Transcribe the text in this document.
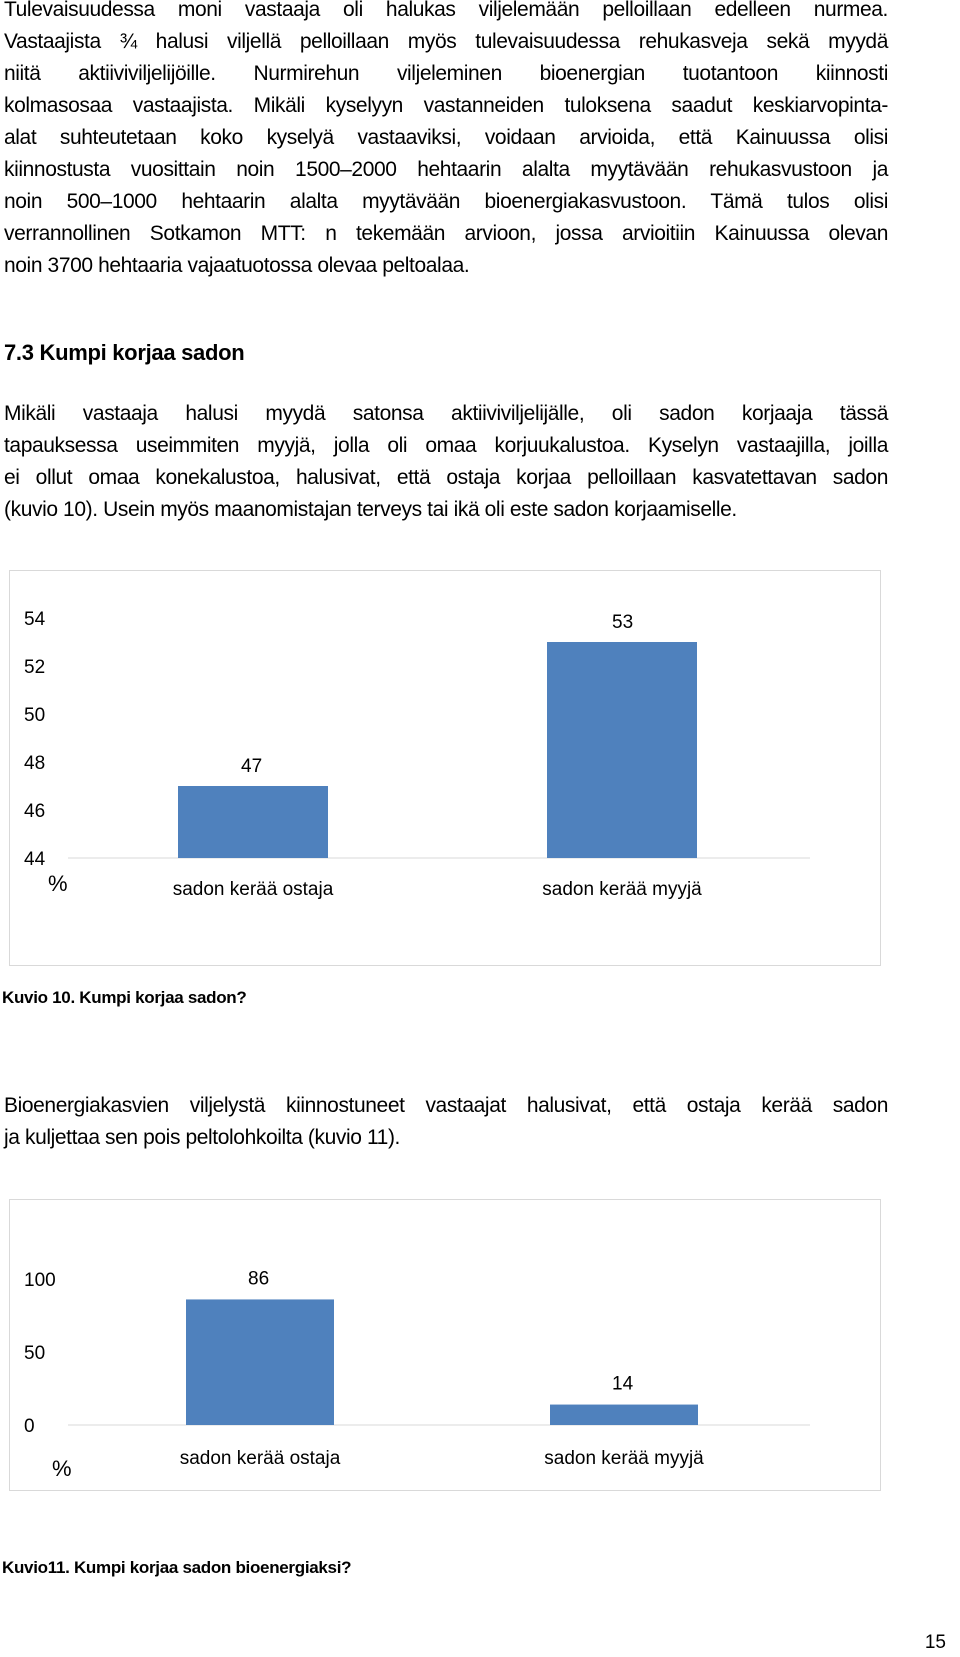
Tulevaisuudessa moni vastaaja oli halukas viljelemään pelloillaan edelleen nurmea.
Vastaajista ¾ halusi viljellä pelloillaan myös tulevaisuudessa rehukasveja sekä myydä
niitä aktiiviviljelijöille. Nurmirehun viljeleminen bioenergian tuotantoon kiinnosti
kolmasosaa vastaajista. Mikäli kyselyyn vastanneiden tuloksena saadut keskiarvopinta-
alat suhteutetaan koko kyselyä vastaaviksi, voidaan arvioida, että Kainuussa olisi
kiinnostusta vuosittain noin 1500–2000 hehtaarin alalta myytävään rehukasvustoon ja
noin 500–1000 hehtaarin alalta myytävään bioenergiakasvustoon. Tämä tulos olisi
verrannollinen Sotkamon MTT: n tekemään arvioon, jossa arvioitiin Kainuussa olevan
noin 3700 hehtaaria vajaatuotossa olevaa peltoalaa.
7.3 Kumpi korjaa sadon
Mikäli vastaaja halusi myydä satonsa aktiiviviljelijälle, oli sadon korjaaja tässä
tapauksessa useimmiten myyjä, jolla oli omaa korjuukalustoa. Kyselyn vastaajilla, joilla
ei ollut omaa konekalustoa, halusivat, että ostaja korjaa pelloillaan kasvatettavan sadon
(kuvio 10). Usein myös maanomistajan terveys tai ikä oli este sadon korjaamiselle.
54
52
50
48
46
44
47
sadon kerää ostaja
53
sadon kerää myyjä
%
Kuvio 10. Kumpi korjaa sadon?
Bioenergiakasvien viljelystä kiinnostuneet vastaajat halusivat, että ostaja kerää sadon
ja kuljettaa sen pois peltolohkoilta (kuvio 11).
100
50
0
86
sadon kerää ostaja
14
sadon kerää myyjä
%
Kuvio11. Kumpi korjaa sadon bioenergiaksi?
15
